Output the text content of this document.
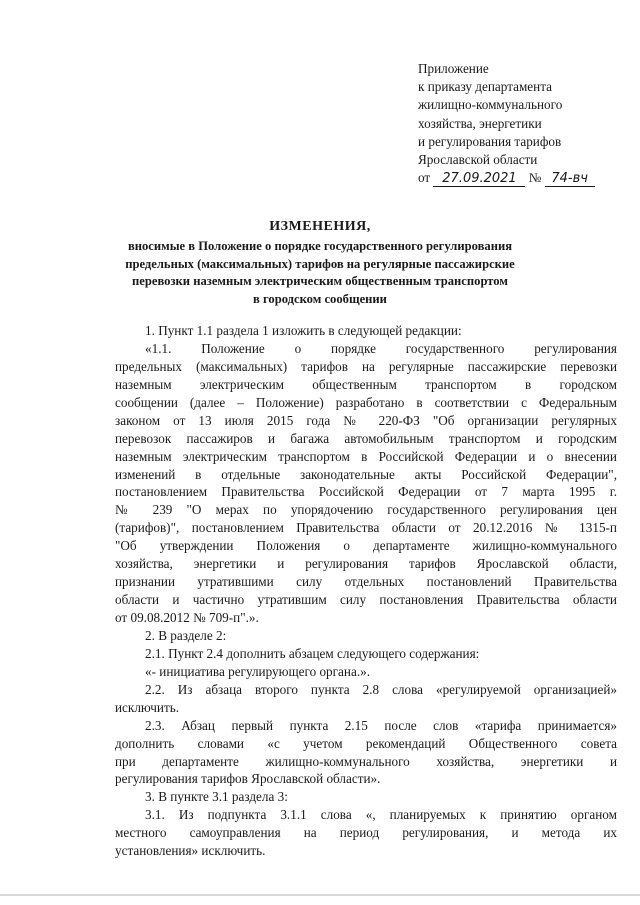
Приложение
к приказу департамента
жилищно-коммунального
хозяйства, энергетики
и регулирования тарифов
Ярославской области
от 27.09.2021 № 74-вч
ИЗМЕНЕНИЯ,
вносимые в Положение о порядке государственного регулирования
предельных (максимальных) тарифов на регулярные пассажирские
перевозки наземным электрическим общественным транспортом
в городском сообщении
1. Пункт 1.1 раздела 1 изложить в следующей редакции:
«1.1. Положение о порядке государственного регулирования
предельных (максимальных) тарифов на регулярные пассажирские перевозки
наземным электрическим общественным транспортом в городском
сообщении (далее – Положение) разработано в соответствии с Федеральным
законом от 13 июля 2015 года № 220-ФЗ "Об организации регулярных
перевозок пассажиров и багажа автомобильным транспортом и городским
наземным электрическим транспортом в Российской Федерации и о внесении
изменений в отдельные законодательные акты Российской Федерации",
постановлением Правительства Российской Федерации от 7 марта 1995 г.
№ 239 "О мерах по упорядочению государственного регулирования цен
(тарифов)", постановлением Правительства области от 20.12.2016 № 1315-п
"Об утверждении Положения о департаменте жилищно-коммунального
хозяйства, энергетики и регулирования тарифов Ярославской области,
признании утратившими силу отдельных постановлений Правительства
области и частично утратившим силу постановления Правительства области
от 09.08.2012 № 709-п".».
2. В разделе 2:
2.1. Пункт 2.4 дополнить абзацем следующего содержания:
«- инициатива регулирующего органа.».
2.2. Из абзаца второго пункта 2.8 слова «регулируемой организацией»
исключить.
2.3. Абзац первый пункта 2.15 после слов «тарифа принимается»
дополнить словами «с учетом рекомендаций Общественного совета
при департаменте жилищно-коммунального хозяйства, энергетики и
регулирования тарифов Ярославской области».
3. В пункте 3.1 раздела 3:
3.1. Из подпункта 3.1.1 слова «, планируемых к принятию органом
местного самоуправления на период регулирования, и метода их
установления» исключить.
